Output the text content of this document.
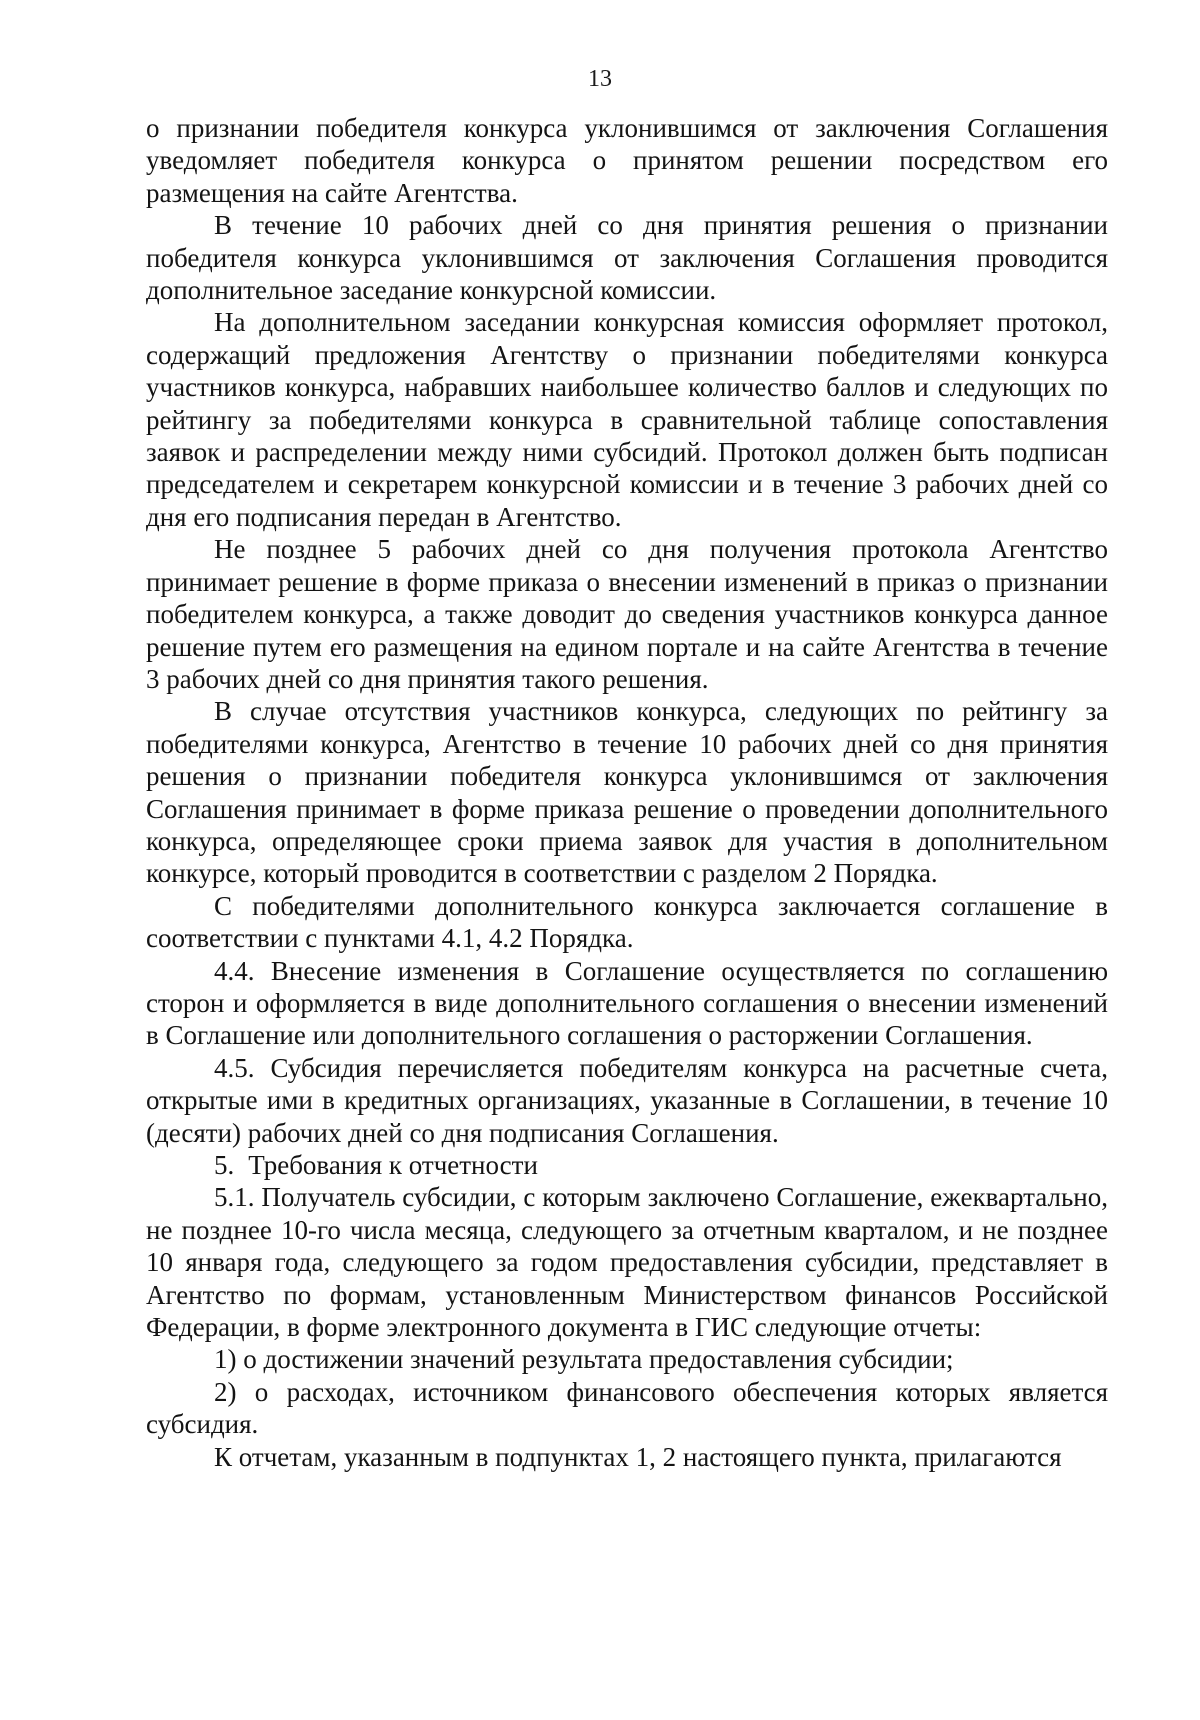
13

о признании победителя конкурса уклонившимся от заключения Соглашения уведомляет победителя конкурса о принятом решении посредством его размещения на сайте Агентства.

В течение 10 рабочих дней со дня принятия решения о признании победителя конкурса уклонившимся от заключения Соглашения проводится дополнительное заседание конкурсной комиссии.

На дополнительном заседании конкурсная комиссия оформляет протокол, содержащий предложения Агентству о признании победителями конкурса участников конкурса, набравших наибольшее количество баллов и следующих по рейтингу за победителями конкурса в сравнительной таблице сопоставления заявок и распределении между ними субсидий. Протокол должен быть подписан председателем и секретарем конкурсной комиссии и в течение 3 рабочих дней со дня его подписания передан в Агентство.

Не позднее 5 рабочих дней со дня получения протокола Агентство принимает решение в форме приказа о внесении изменений в приказ о признании победителем конкурса, а также доводит до сведения участников конкурса данное решение путем его размещения на едином портале и на сайте Агентства в течение 3 рабочих дней со дня принятия такого решения.

В случае отсутствия участников конкурса, следующих по рейтингу за победителями конкурса, Агентство в течение 10 рабочих дней со дня принятия решения о признании победителя конкурса уклонившимся от заключения Соглашения принимает в форме приказа решение о проведении дополнительного конкурса, определяющее сроки приема заявок для участия в дополнительном конкурсе, который проводится в соответствии с разделом 2 Порядка.

С победителями дополнительного конкурса заключается соглашение в соответствии с пунктами 4.1, 4.2 Порядка.

4.4. Внесение изменения в Соглашение осуществляется по соглашению сторон и оформляется в виде дополнительного соглашения о внесении изменений в Соглашение или дополнительного соглашения о расторжении Соглашения.

4.5. Субсидия перечисляется победителям конкурса на расчетные счета, открытые ими в кредитных организациях, указанные в Соглашении, в течение 10 (десяти) рабочих дней со дня подписания Соглашения.

5. Требования к отчетности

5.1. Получатель субсидии, с которым заключено Соглашение, ежеквартально, не позднее 10-го числа месяца, следующего за отчетным кварталом, и не позднее 10 января года, следующего за годом предоставления субсидии, представляет в Агентство по формам, установленным Министерством финансов Российской Федерации, в форме электронного документа в ГИС следующие отчеты:

1) о достижении значений результата предоставления субсидии;

2) о расходах, источником финансового обеспечения которых является субсидия.

К отчетам, указанным в подпунктах 1, 2 настоящего пункта, прилагаются
